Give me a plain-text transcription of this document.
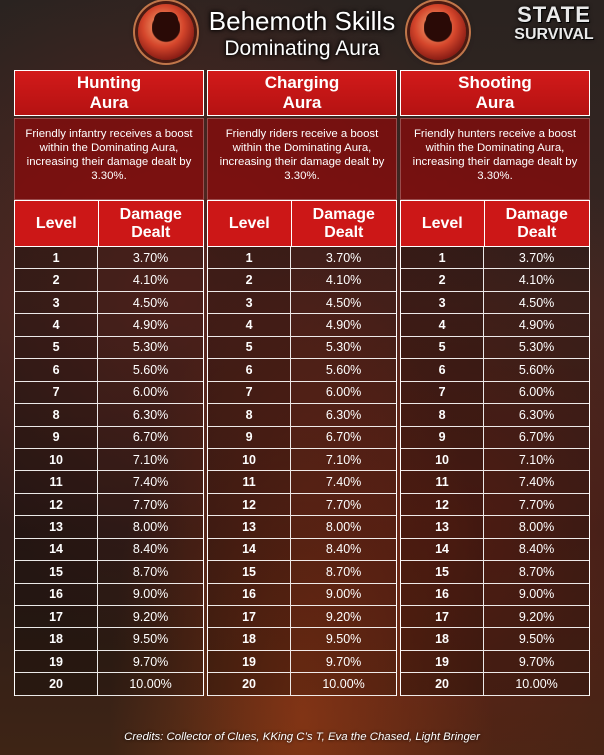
Behemoth Skills
Dominating Aura
STATE
SURVIVAL
Hunting
Aura
Friendly infantry receives a boost within the Dominating Aura, increasing their damage dealt by 3.30%.
Level
Damage
Dealt
1	3.70%
2	4.10%
3	4.50%
4	4.90%
5	5.30%
6	5.60%
7	6.00%
8	6.30%
9	6.70%
10	7.10%
11	7.40%
12	7.70%
13	8.00%
14	8.40%
15	8.70%
16	9.00%
17	9.20%
18	9.50%
19	9.70%
20	10.00%
Charging
Aura
Friendly riders receive a boost within the Dominating Aura, increasing their damage dealt by 3.30%.
Level
Damage
Dealt
1	3.70%
2	4.10%
3	4.50%
4	4.90%
5	5.30%
6	5.60%
7	6.00%
8	6.30%
9	6.70%
10	7.10%
11	7.40%
12	7.70%
13	8.00%
14	8.40%
15	8.70%
16	9.00%
17	9.20%
18	9.50%
19	9.70%
20	10.00%
Shooting
Aura
Friendly hunters receive a boost within the Dominating Aura, increasing their damage dealt by 3.30%.
Level
Damage
Dealt
1	3.70%
2	4.10%
3	4.50%
4	4.90%
5	5.30%
6	5.60%
7	6.00%
8	6.30%
9	6.70%
10	7.10%
11	7.40%
12	7.70%
13	8.00%
14	8.40%
15	8.70%
16	9.00%
17	9.20%
18	9.50%
19	9.70%
20	10.00%
Credits: Collector of Clues, KKing C’s T, Eva the Chased, Light Bringer
